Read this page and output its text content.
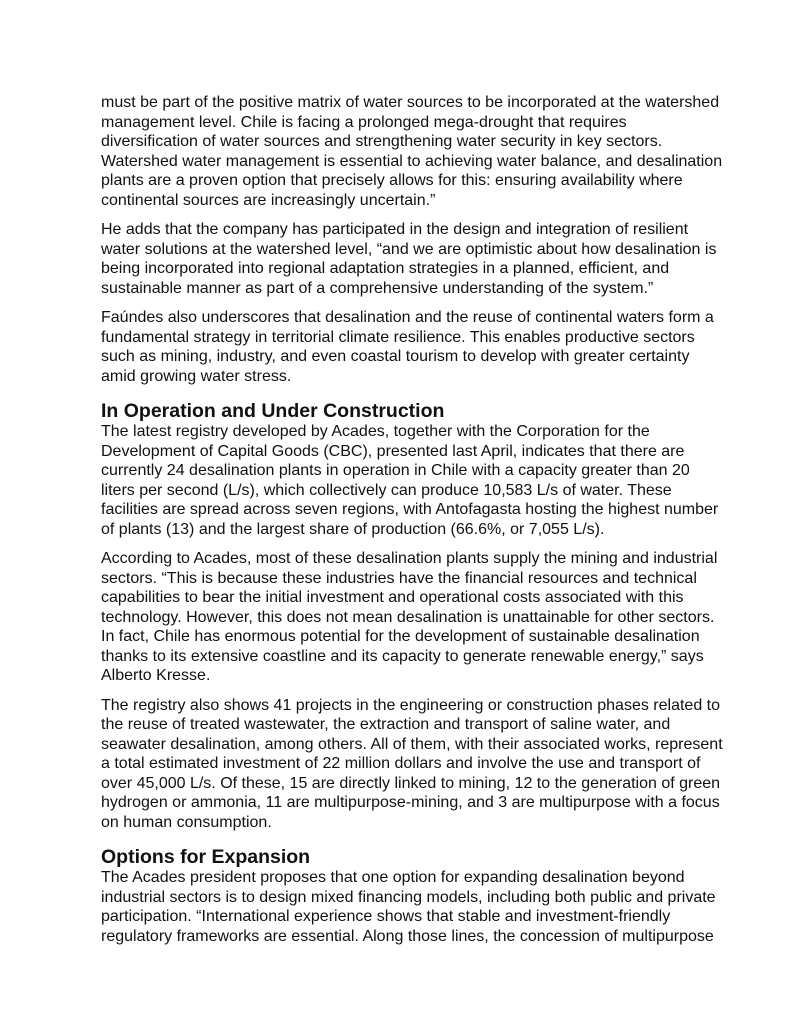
must be part of the positive matrix of water sources to be incorporated at the watershed
management level. Chile is facing a prolonged mega-drought that requires
diversification of water sources and strengthening water security in key sectors.
Watershed water management is essential to achieving water balance, and desalination
plants are a proven option that precisely allows for this: ensuring availability where
continental sources are increasingly uncertain.”

He adds that the company has participated in the design and integration of resilient
water solutions at the watershed level, “and we are optimistic about how desalination is
being incorporated into regional adaptation strategies in a planned, efficient, and
sustainable manner as part of a comprehensive understanding of the system.”

Faúndes also underscores that desalination and the reuse of continental waters form a
fundamental strategy in territorial climate resilience. This enables productive sectors
such as mining, industry, and even coastal tourism to develop with greater certainty
amid growing water stress.

In Operation and Under Construction

The latest registry developed by Acades, together with the Corporation for the
Development of Capital Goods (CBC), presented last April, indicates that there are
currently 24 desalination plants in operation in Chile with a capacity greater than 20
liters per second (L/s), which collectively can produce 10,583 L/s of water. These
facilities are spread across seven regions, with Antofagasta hosting the highest number
of plants (13) and the largest share of production (66.6%, or 7,055 L/s).

According to Acades, most of these desalination plants supply the mining and industrial
sectors. “This is because these industries have the financial resources and technical
capabilities to bear the initial investment and operational costs associated with this
technology. However, this does not mean desalination is unattainable for other sectors.
In fact, Chile has enormous potential for the development of sustainable desalination
thanks to its extensive coastline and its capacity to generate renewable energy,” says
Alberto Kresse.

The registry also shows 41 projects in the engineering or construction phases related to
the reuse of treated wastewater, the extraction and transport of saline water, and
seawater desalination, among others. All of them, with their associated works, represent
a total estimated investment of 22 million dollars and involve the use and transport of
over 45,000 L/s. Of these, 15 are directly linked to mining, 12 to the generation of green
hydrogen or ammonia, 11 are multipurpose-mining, and 3 are multipurpose with a focus
on human consumption.

Options for Expansion

The Acades president proposes that one option for expanding desalination beyond
industrial sectors is to design mixed financing models, including both public and private
participation. “International experience shows that stable and investment-friendly
regulatory frameworks are essential. Along those lines, the concession of multipurpose
